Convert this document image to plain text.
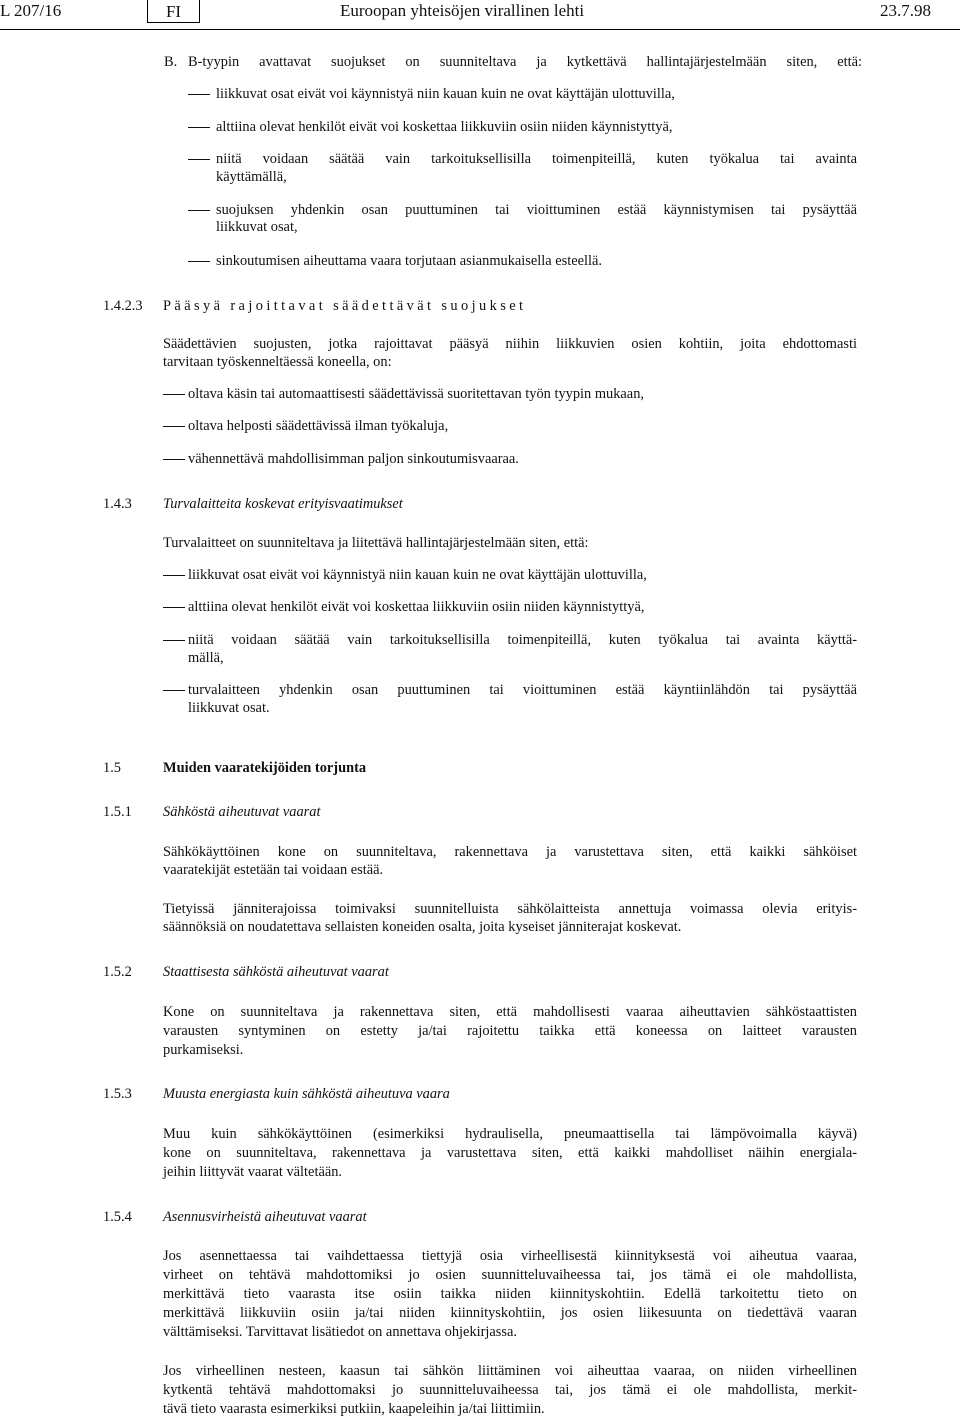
L 207/16	FI	Euroopan yhteisöjen virallinen lehti	23.7.98
B. B-tyypin avattavat suojukset on suunniteltava ja kytkettävä hallintajärjestelmään siten, että:
liikkuvat osat eivät voi käynnistyä niin kauan kuin ne ovat käyttäjän ulottuvilla,
alttiina olevat henkilöt eivät voi koskettaa liikkuviin osiin niiden käynnistyttyä,
niitä voidaan säätää vain tarkoituksellisilla toimenpiteillä, kuten työkalua tai avainta
käyttämällä,
suojuksen yhdenkin osan puuttuminen tai vioittuminen estää käynnistymisen tai pysäyttää
liikkuvat osat,
sinkoutumisen aiheuttama vaara torjutaan asianmukaisella esteellä.
1.4.2.3 Pääsyä rajoittavat säädettävät suojukset
Säädettävien suojusten, jotka rajoittavat pääsyä niihin liikkuvien osien kohtiin, joita ehdottomasti
tarvitaan työskenneltäessä koneella, on:
oltava käsin tai automaattisesti säädettävissä suoritettavan työn tyypin mukaan,
oltava helposti säädettävissä ilman työkaluja,
vähennettävä mahdollisimman paljon sinkoutumisvaaraa.
1.4.3 Turvalaitteita koskevat erityisvaatimukset
Turvalaitteet on suunniteltava ja liitettävä hallintajärjestelmään siten, että:
liikkuvat osat eivät voi käynnistyä niin kauan kuin ne ovat käyttäjän ulottuvilla,
alttiina olevat henkilöt eivät voi koskettaa liikkuviin osiin niiden käynnistyttyä,
niitä voidaan säätää vain tarkoituksellisilla toimenpiteillä, kuten työkalua tai avainta käyttä-
mällä,
turvalaitteen yhdenkin osan puuttuminen tai vioittuminen estää käyntiinlähdön tai pysäyttää
liikkuvat osat.
1.5	Muiden vaaratekijöiden torjunta
1.5.1 Sähköstä aiheutuvat vaarat
Sähkökäyttöinen kone on suunniteltava, rakennettava ja varustettava siten, että kaikki sähköiset
vaaratekijät estetään tai voidaan estää.
Tietyissä jänniterajoissa toimivaksi suunnitelluista sähkölaitteista annettuja voimassa olevia erityis-
säännöksiä on noudatettava sellaisten koneiden osalta, joita kyseiset jänniterajat koskevat.
1.5.2 Staattisesta sähköstä aiheutuvat vaarat
Kone on suunniteltava ja rakennettava siten, että mahdollisesti vaaraa aiheuttavien sähköstaattisten
varausten syntyminen on estetty ja/tai rajoitettu taikka että koneessa on laitteet varausten
purkamiseksi.
1.5.3 Muusta energiasta kuin sähköstä aiheutuva vaara
Muu kuin sähkökäyttöinen (esimerkiksi hydraulisella, pneumaattisella tai lämpövoimalla käyvä)
kone on suunniteltava, rakennettava ja varustettava siten, että kaikki mahdolliset näihin energiala-
jeihin liittyvät vaarat vältetään.
1.5.4 Asennusvirheistä aiheutuvat vaarat
Jos asennettaessa tai vaihdettaessa tiettyjä osia virheellisestä kiinnityksestä voi aiheutua vaaraa,
virheet on tehtävä mahdottomiksi jo osien suunnitteluvaiheessa tai, jos tämä ei ole mahdollista,
merkittävä tieto vaarasta itse osiin taikka niiden kiinnityskohtiin. Edellä tarkoitettu tieto on
merkittävä liikkuviin osiin ja/tai niiden kiinnityskohtiin, jos osien liikesuunta on tiedettävä vaaran
välttämiseksi. Tarvittavat lisätiedot on annettava ohjekirjassa.
Jos virheellinen nesteen, kaasun tai sähkön liittäminen voi aiheuttaa vaaraa, on niiden virheellinen
kytkentä tehtävä mahdottomaksi jo suunnitteluvaiheessa tai, jos tämä ei ole mahdollista, merkit-
tävä tieto vaarasta esimerkiksi putkiin, kaapeleihin ja/tai liittimiin.
